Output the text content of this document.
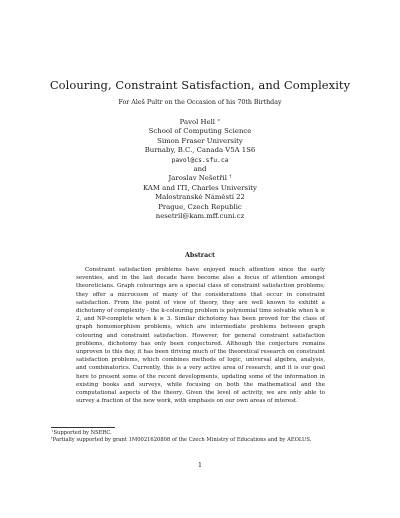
Colouring, Constraint Satisfaction, and Complexity
For Aleš Pultr on the Occasion of his 70th Birthday
Pavol Hell ∗
School of Computing Science
Simon Fraser University
Burnaby, B.C., Canada V5A 1S6
pavol@cs.sfu.ca
and
Jaroslav Nešetřil †
KAM and ITI, Charles University
Malostranské Náměstí 22
Prague, Czech Republic
nesetril@kam.mff.cuni.cz
Abstract
Constraint satisfaction problems have enjoyed much attention since the early seventies, and in the last decade have become also a focus of attention amongst theoreticians. Graph colourings are a special class of constraint satisfaction problems; they offer a microcosm of many of the considerations that occur in constraint satisfaction. From the point of view of theory, they are well known to exhibit a dichotomy of complexity - the k-colouring problem is polynomial time solvable when k ≤ 2, and NP-complete when k ≥ 3. Similar dichotomy has been proved for the class of graph homomorphism problems, which are intermediate problems between graph colouring and constraint satisfaction. However, for general constraint satisfaction problems, dichotomy has only been conjectured. Although the conjecture remains unproven to this day, it has been driving much of the theoretical research on constraint satisfaction problems, which combines methods of logic, universal algebra, analysis, and combinatorics. Currently, this is a very active area of research, and it is our goal here to present some of the recent developments, updating some of the information in existing books and surveys, while focusing on both the mathematical and the computational aspects of the theory. Given the level of activity, we are only able to survey a fraction of the new work, with emphasis on our own areas of interest.
∗Supported by NSERC.
†Partially supported by grant 1M0021620808 of the Czech Ministry of Educations and by AEOLUS.
1
